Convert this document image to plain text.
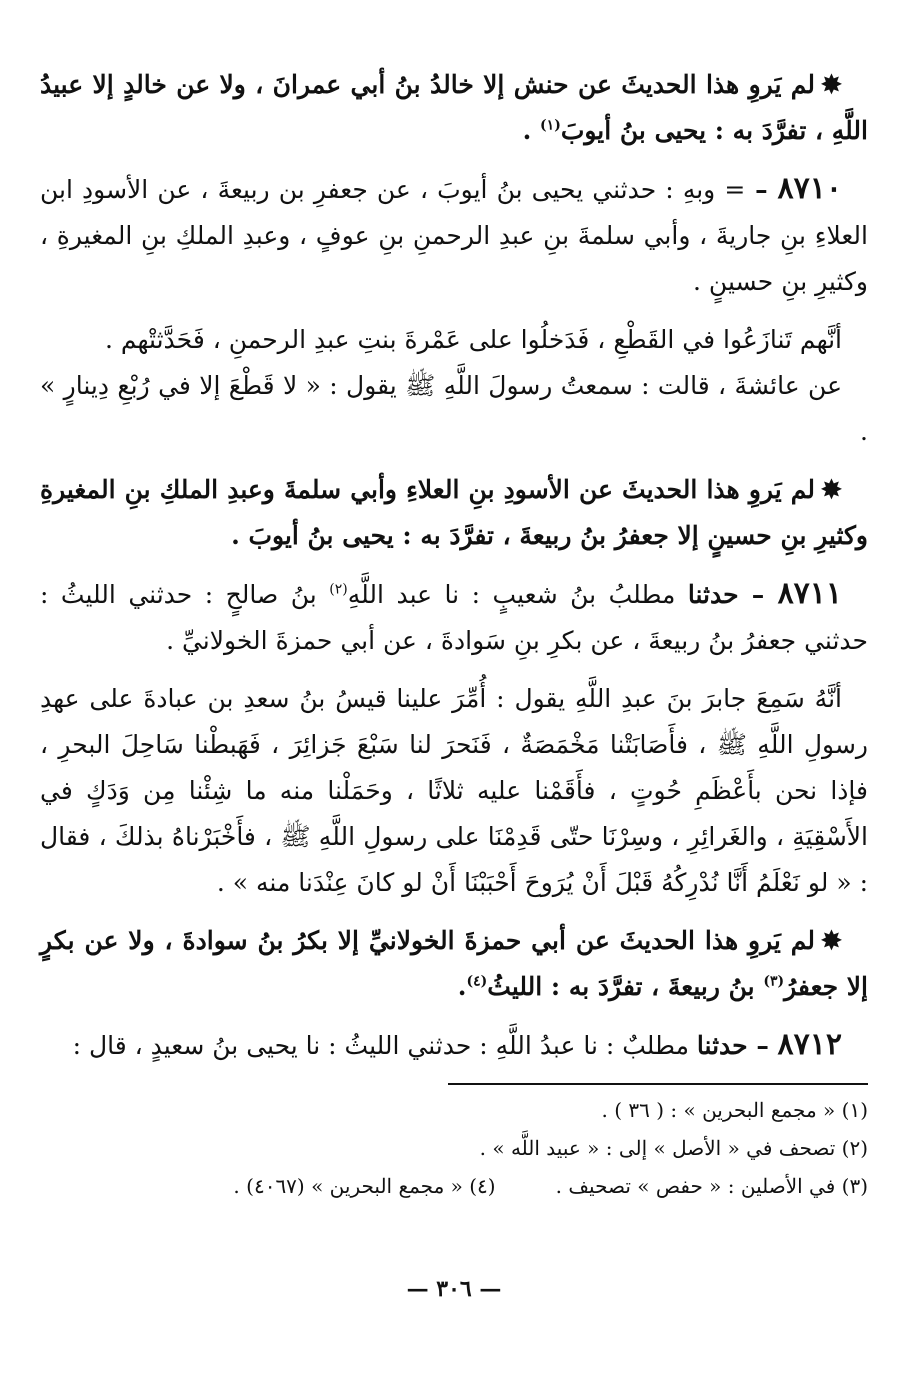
✸لم يَروِ هذا الحديثَ عن حنش إلا خالدُ بنُ أبي عمرانَ ، ولا عن خالدٍ إلا عبيدُ اللَّهِ ، تفرَّدَ به : يحيى بنُ أيوبَ$^{(١)}$ .

٨٧١٠ – = وبهِ : حدثني يحيى بنُ أيوبَ ، عن جعفرِ بن ربيعةَ ، عن الأسودِ ابن العلاءِ بنِ جاريةَ ، وأبي سلمةَ بنِ عبدِ الرحمنِ بنِ عوفٍ ، وعبدِ الملكِ بنِ المغيرةِ ، وكثيرِ بنِ حسينٍ .

أنَّهم تَنازَعُوا في القَطْعِ ، فَدَخلُوا على عَمْرةَ بنتِ عبدِ الرحمنِ ، فَحَدَّثتْهم .

عن عائشةَ ، قالت : سمعتُ رسولَ اللَّهِ ﷺ يقول : « لا قَطْعَ إلا في رُبْعِ دِينارٍ » .

✸لم يَروِ هذا الحديثَ عن الأسودِ بنِ العلاءِ وأبي سلمةَ وعبدِ الملكِ بنِ المغيرةِ وكثيرِ بنِ حسينٍ إلا جعفرُ بنُ ربيعةَ ، تفرَّدَ به : يحيى بنُ أيوبَ .

٨٧١١ – حدثنا مطلبُ بنُ شعيبٍ : نا عبد اللَّهِ$^{(٢)}$ بنُ صالحٍ : حدثني الليثُ : حدثني جعفرُ بنُ ربيعةَ ، عن بكرِ بنِ سَوادةَ ، عن أبي حمزةَ الخولانيِّ .

أنَّهُ سَمِعَ جابرَ بنَ عبدِ اللَّهِ يقول : أُمِّرَ علينا قيسُ بنُ سعدِ بن عبادةَ على عهدِ رسولِ اللَّهِ ﷺ ، فأَصَابَتْنا مَخْمَصَةٌ ، فَنَحرَ لنا سَبْعَ جَزائِرَ ، فَهَبطْنا سَاحِلَ البحرِ ، فإذا نحن بأَعْظَمِ حُوتٍ ، فأَقَمْنا عليه ثلاثًا ، وحَمَلْنا منه ما شِئْنا مِن وَدَكٍ في الأَسْقِيَةِ ، والغَرائِرِ ، وسِرْنَا حتّى قَدِمْنَا على رسولِ اللَّهِ ﷺ ، فأَخْبَرْناهُ بذلكَ ، فقال : « لو نَعْلَمُ أَنَّا نُدْرِكُهُ قَبْلَ أَنْ يُرَوحَ أَحْبَبْنَا أَنْ لو كانَ عِنْدَنا منه » .

✸لم يَروِ هذا الحديثَ عن أبي حمزةَ الخولانيِّ إلا بكرُ بنُ سوادةَ ، ولا عن بكرٍ إلا جعفرُ$^{(٣)}$ بنُ ربيعةَ ، تفرَّدَ به : الليثُ$^{(٤)}$.

٨٧١٢ – حدثنا مطلبٌ : نا عبدُ اللَّهِ : حدثني الليثُ : نا يحيى بنُ سعيدٍ ، قال :

(١) « مجمع البحرين » : ( ٣٦ ) .

(٢) تصحف في « الأصل » إلى : « عبيد اللَّه » .

(٣) في الأصلين : « حفص » تصحيف .

(٤) « مجمع البحرين » (٤٠٦٧) .

— ٣٠٦ —
